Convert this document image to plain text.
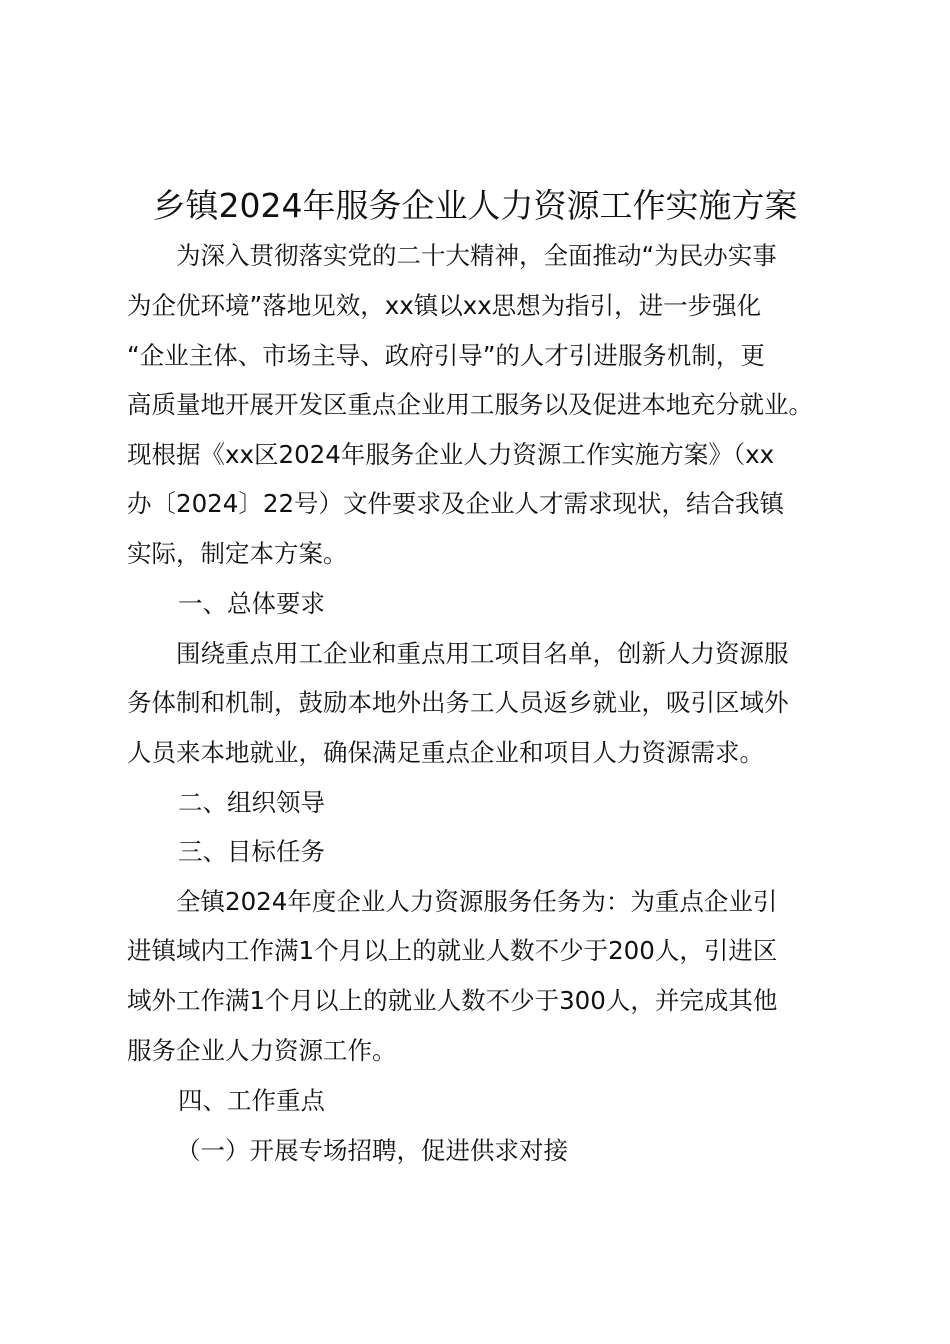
乡镇2024年服务企业人力资源工作实施方案

为深入贯彻落实党的二十大精神，全面推动“为民办实事

为企优环境”落地见效，xx镇以xx思想为指引，进一步强化

“企业主体、市场主导、政府引导”的人才引进服务机制，更

高质量地开展开发区重点企业用工服务以及促进本地充分就业。

现根据《xx区2024年服务企业人力资源工作实施方案》（xx

办〔2024〕22号）文件要求及企业人才需求现状，结合我镇

实际，制定本方案。

一、总体要求

围绕重点用工企业和重点用工项目名单，创新人力资源服

务体制和机制，鼓励本地外出务工人员返乡就业，吸引区域外

人员来本地就业，确保满足重点企业和项目人力资源需求。

二、组织领导

三、目标任务

全镇2024年度企业人力资源服务任务为：为重点企业引

进镇域内工作满1个月以上的就业人数不少于200人，引进区

域外工作满1个月以上的就业人数不少于300人，并完成其他

服务企业人力资源工作。

四、工作重点

（一）开展专场招聘，促进供求对接
